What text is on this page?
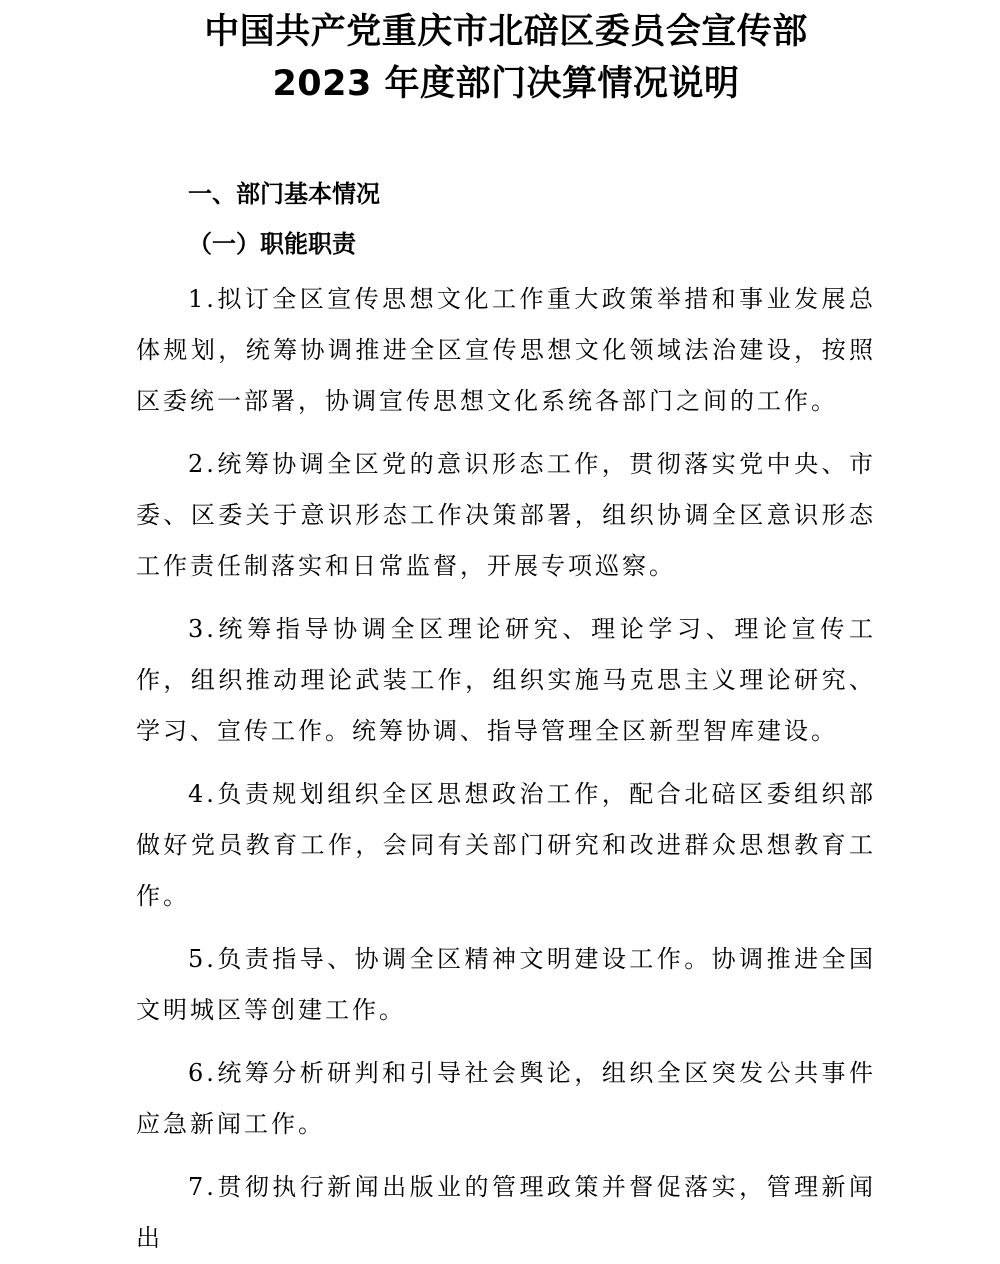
中国共产党重庆市北碚区委员会宣传部
2023 年度部门决算情况说明
一、部门基本情况
（一）职能职责

1.拟订全区宣传思想文化工作重大政策举措和事业发展总体规划，统筹协调推进全区宣传思想文化领域法治建设，按照区委统一部署，协调宣传思想文化系统各部门之间的工作。

2.统筹协调全区党的意识形态工作，贯彻落实党中央、市委、区委关于意识形态工作决策部署，组织协调全区意识形态工作责任制落实和日常监督，开展专项巡察。

3.统筹指导协调全区理论研究、理论学习、理论宣传工作，组织推动理论武装工作，组织实施马克思主义理论研究、学习、宣传工作。统筹协调、指导管理全区新型智库建设。

4.负责规划组织全区思想政治工作，配合北碚区委组织部做好党员教育工作，会同有关部门研究和改进群众思想教育工作。

5.负责指导、协调全区精神文明建设工作。协调推进全国文明城区等创建工作。

6.统筹分析研判和引导社会舆论，组织全区突发公共事件应急新闻工作。

7.贯彻执行新闻出版业的管理政策并督促落实，管理新闻出
